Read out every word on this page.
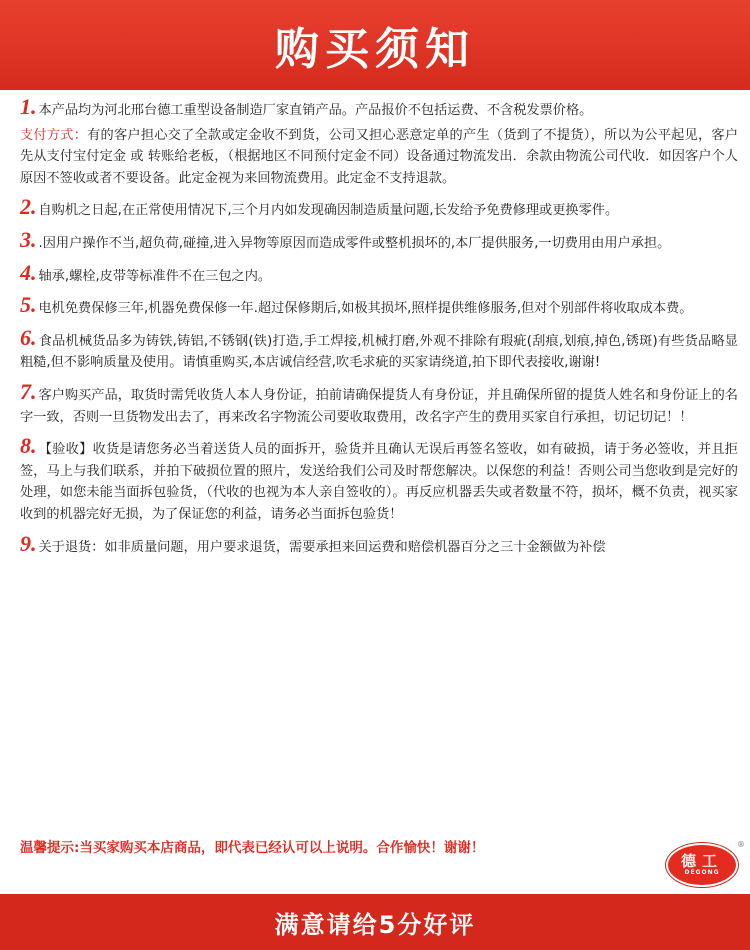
购买须知

1. 本产品均为河北邢台德工重型设备制造厂家直销产品。产品报价不包括运费、不含税发票价格。

支付方式：有的客户担心交了全款或定金收不到货，公司又担心恶意定单的产生（货到了不提货），所以为公平起见，客户先从支付宝付定金 或 转账给老板，（根据地区不同预付定金不同）设备通过物流发出．余款由物流公司代收．如因客户个人原因不签收或者不要设备。此定金视为来回物流费用。此定金不支持退款。

2. 自购机之日起,在正常使用情况下,三个月内如发现确因制造质量问题,长发给予免费修理或更换零件。

3. .因用户操作不当,超负荷,碰撞,进入异物等原因而造成零件或整机损坏的,本厂提供服务,一切费用由用户承担。

4. 轴承,螺栓,皮带等标准件不在三包之内。

5. 电机免费保修三年,机器免费保修一年.超过保修期后,如极其损坏,照样提供维修服务,但对个别部件将收取成本费。

6. 食品机械货品多为铸铁,铸铝,不锈钢(铁)打造,手工焊接,机械打磨,外观不排除有瑕疵(刮痕,划痕,掉色,锈斑)有些货品略显粗糙,但不影响质量及使用。请慎重购买,本店诚信经营,吹毛求疵的买家请绕道,拍下即代表接收,谢谢!

7. 客户购买产品，取货时需凭收货人本人身份证，拍前请确保提货人有身份证，并且确保所留的提货人姓名和身份证上的名字一致，否则一旦货物发出去了，再来改名字物流公司要收取费用，改名字产生的费用买家自行承担，切记切记！！

8. 【验收】收货是请您务必当着送货人员的面拆开，验货并且确认无误后再签名签收，如有破损，请于务必签收，并且拒签，马上与我们联系，并拍下破损位置的照片，发送给我们公司及时帮您解决。以保您的利益！否则公司当您收到是完好的处理，如您未能当面拆包验货，（代收的也视为本人亲自签收的）。再反应机器丢失或者数量不符，损坏，概不负责，视买家收到的机器完好无损，为了保证您的利益，请务必当面拆包验货！

9. 关于退货：如非质量问题，用户要求退货，需要承担来回运费和赔偿机器百分之三十金额做为补偿

温馨提示:当买家购买本店商品，即代表已经认可以上说明。合作愉快！谢谢！
德工
DEGONG
®
满意请给5分好评
